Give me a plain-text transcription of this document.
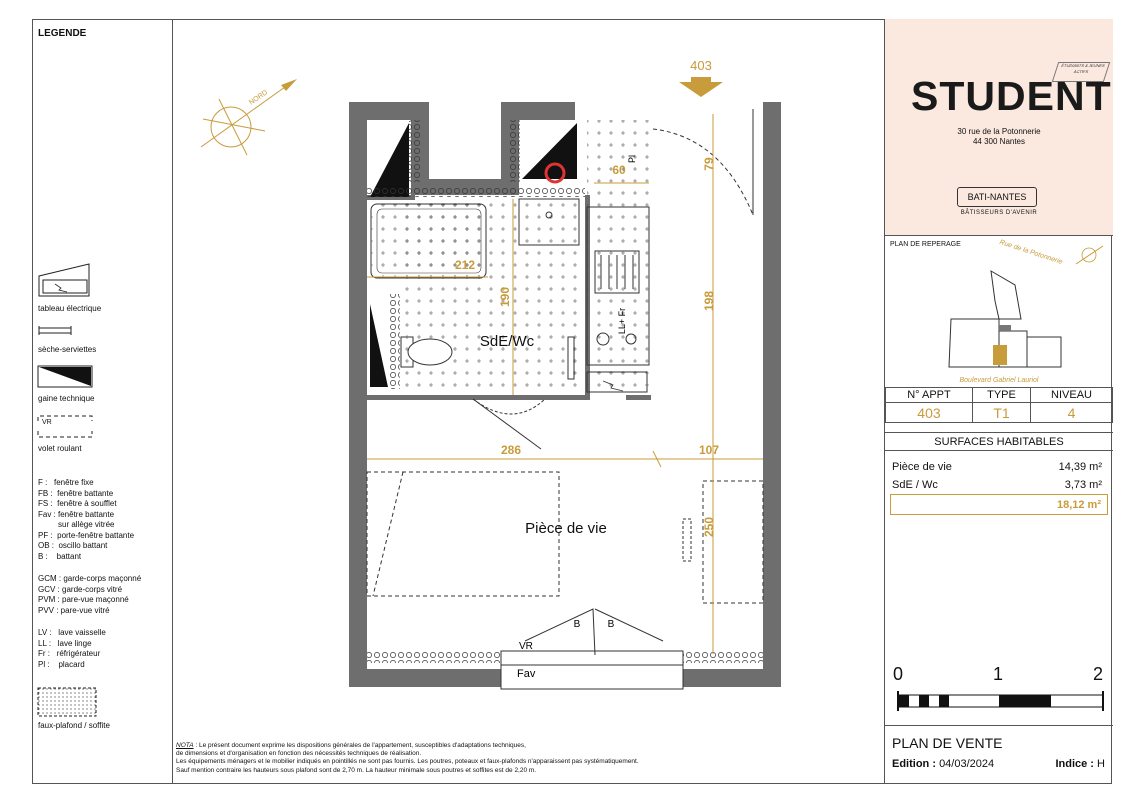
LEGENDE
tableau électrique
sèche-serviettes
gaine technique
VR
volet roulant
F :   fenêtre fixe
FB :  fenêtre battante
FS :  fenêtre à soufflet
Fav : fenêtre battante
sur allège vitrée
PF :  porte-fenêtre battante
OB :  oscillo battant
B :    battant
GCM : garde-corps maçonné
GCV : garde-corps vitré
PVM : pare-vue maçonné
PVV : pare-vue vitré
LV :   lave vaisselle
LL :   lave linge
Fr :   réfrigérateur
Pl :    placard
faux-plafond / soffite
NORD
403
79
198
60
212
190
286	107
250
SdE/Wc
Pièce de vie
Pl
LL+ Fr
VR
Fav
B	B
NOTA : Le présent document exprime les dispositions générales de l'appartement, susceptibles d'adaptations techniques,
de dimensions et d'organisation en fonction des nécessités techniques de réalisation.
Les équipements ménagers et le mobilier indiqués en pointillés ne sont pas fournis. Les poutres, poteaux et faux-plafonds n'apparaissent pas systématiquement.
Sauf mention contraire les hauteurs sous plafond sont de 2,70 m. La hauteur minimale sous poutres et soffites est de 2,20 m.
ÉTUDIANTS & JEUNES ACTIFS
STUDENT
30 rue de la Potonnerie
44 300 Nantes
BATI-NANTES
BÂTISSEURS D'AVENIR
PLAN DE REPERAGE	Rue de la Potonnerie
Boulevard Gabriel Lauriol
N° APPT	TYPE	NIVEAU
403	T1	4
SURFACES HABITABLES
Pièce de vie	14,39 m²
SdE / Wc	3,73 m²
18,12 m²
0	1	2
PLAN DE VENTE
Edition : 04/03/2024	Indice : H
